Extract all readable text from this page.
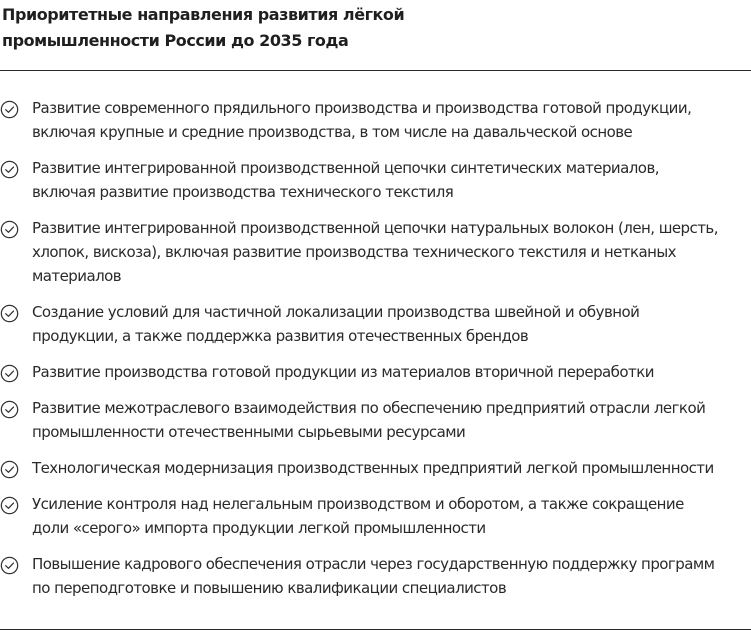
Приоритетные направления развития лёгкой
промышленности России до 2035 года
Развитие современного прядильного производства и производства готовой продукции,
включая крупные и средние производства, в том числе на давальческой основе
Развитие интегрированной производственной цепочки синтетических материалов,
включая развитие производства технического текстиля
Развитие интегрированной производственной цепочки натуральных волокон (лен, шерсть,
хлопок, вискоза), включая развитие производства технического текстиля и нетканых
материалов
Создание условий для частичной локализации производства швейной и обувной
продукции, а также поддержка развития отечественных брендов
Развитие производства готовой продукции из материалов вторичной переработки
Развитие межотраслевого взаимодействия по обеспечению предприятий отрасли легкой
промышленности отечественными сырьевыми ресурсами
Технологическая модернизация производственных предприятий легкой промышленности
Усиление контроля над нелегальным производством и оборотом, а также сокращение
доли «серого» импорта продукции легкой промышленности
Повышение кадрового обеспечения отрасли через государственную поддержку программ
по переподготовке и повышению квалификации специалистов
